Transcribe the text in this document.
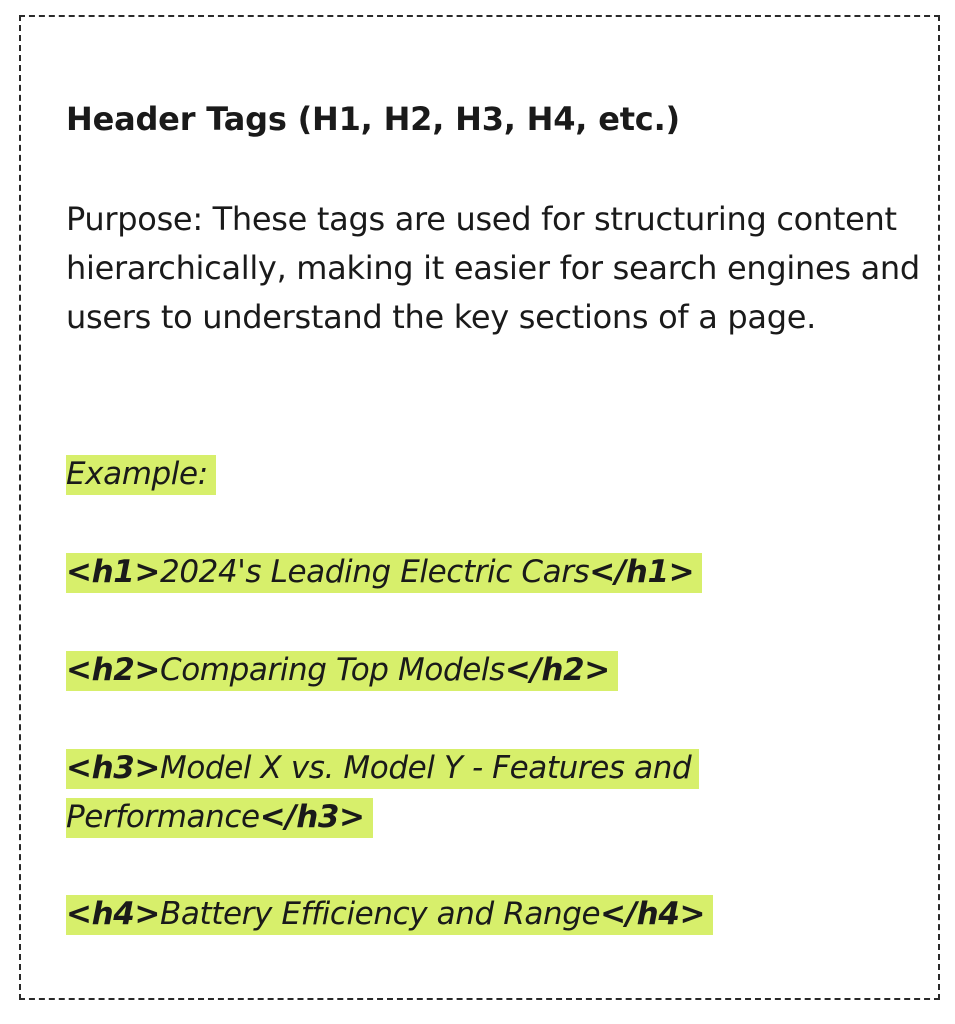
Header Tags (H1, H2, H3, H4, etc.)

Purpose: These tags are used for structuring content hierarchically, making it easier for search engines and users to understand the key sections of a page.

Example:

<h1>2024's Leading Electric Cars</h1>

<h2>Comparing Top Models</h2>

<h3>Model X vs. Model Y - Features and Performance</h3>

<h4>Battery Efficiency and Range</h4>
